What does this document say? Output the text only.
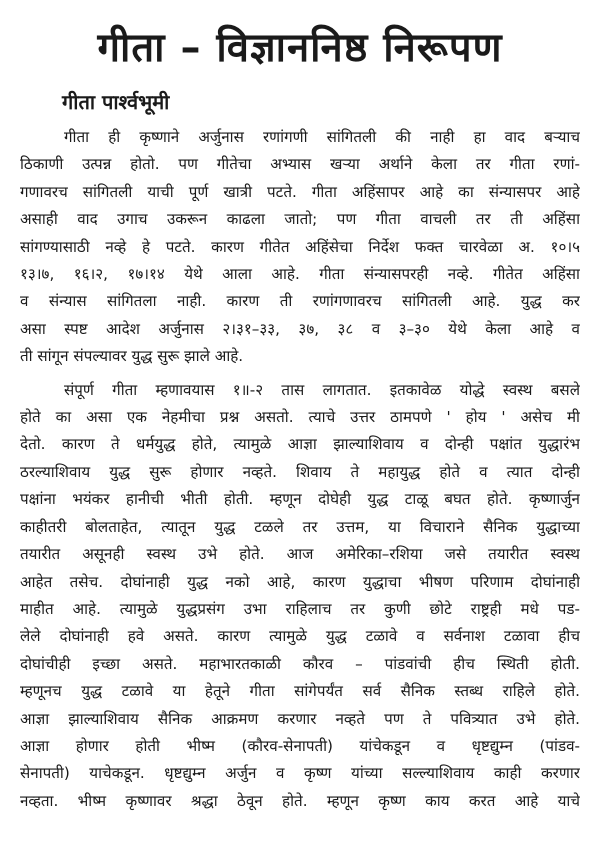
गीता – विज्ञाननिष्ठ निरूपण
गीता पार्श्वभूमी
गीता ही कृष्णाने अर्जुनास रणांगणी सांगितली की नाही हा वाद बऱ्याच
ठिकाणी उत्पन्न होतो. पण गीतेचा अभ्यास खऱ्या अर्थाने केला तर गीता रणां-
गणावरच सांगितली याची पूर्ण खात्री पटते. गीता अहिंसापर आहे का संन्यासपर आहे
असाही वाद उगाच उकरून काढला जातो; पण गीता वाचली तर ती अहिंसा
सांगण्यासाठी नव्हे हे पटते. कारण गीतेत अहिंसेचा निर्देश फक्त चारवेळा अ. १०।५
१३।७, १६।२, १७।१४ येथे आला आहे. गीता संन्यासपरही नव्हे. गीतेत अहिंसा
व संन्यास सांगितला नाही. कारण ती रणांगणावरच सांगितली आहे. युद्ध कर
असा स्पष्ट आदेश अर्जुनास २।३१–३३, ३७, ३८ व ३–३० येथे केला आहे व
ती सांगून संपल्यावर युद्ध सुरू झाले आहे.
संपूर्ण गीता म्हणावयास १॥-२ तास लागतात. इतकावेळ योद्धे स्वस्थ बसले
होते का असा एक नेहमीचा प्रश्न असतो. त्याचे उत्तर ठामपणे ' होय ' असेच मी
देतो. कारण ते धर्मयुद्ध होते, त्यामुळे आज्ञा झाल्याशिवाय व दोन्ही पक्षांत युद्धारंभ
ठरल्याशिवाय युद्ध सुरू होणार नव्हते. शिवाय ते महायुद्ध होते व त्यात दोन्ही
पक्षांना भयंकर हानीची भीती होती. म्हणून दोघेही युद्ध टाळू बघत होते. कृष्णार्जुन
काहीतरी बोलताहेत, त्यातून युद्ध टळले तर उत्तम, या विचाराने सैनिक युद्धाच्या
तयारीत असूनही स्वस्थ उभे होते. आज अमेरिका–रशिया जसे तयारीत स्वस्थ
आहेत तसेच. दोघांनाही युद्ध नको आहे, कारण युद्धाचा भीषण परिणाम दोघांनाही
माहीत आहे. त्यामुळे युद्धप्रसंग उभा राहिलाच तर कुणी छोटे राष्ट्रही मधे पड-
लेले दोघांनाही हवे असते. कारण त्यामुळे युद्ध टळावे व सर्वनाश टळावा हीच
दोघांचीही इच्छा असते. महाभारतकाळी कौरव – पांडवांची हीच स्थिती होती.
म्हणूनच युद्ध टळावे या हेतूने गीता सांगेपर्यंत सर्व सैनिक स्तब्ध राहिले होते.
आज्ञा झाल्याशिवाय सैनिक आक्रमण करणार नव्हते पण ते पवित्र्यात उभे होते.
आज्ञा होणार होती भीष्म (कौरव-सेनापती) यांचेकडून व धृष्टद्युम्न (पांडव-
सेनापती) याचेकडून. धृष्टद्युम्न अर्जुन व कृष्ण यांच्या सल्ल्याशिवाय काही करणार
नव्हता. भीष्म कृष्णावर श्रद्धा ठेवून होते. म्हणून कृष्ण काय करत आहे याचे
